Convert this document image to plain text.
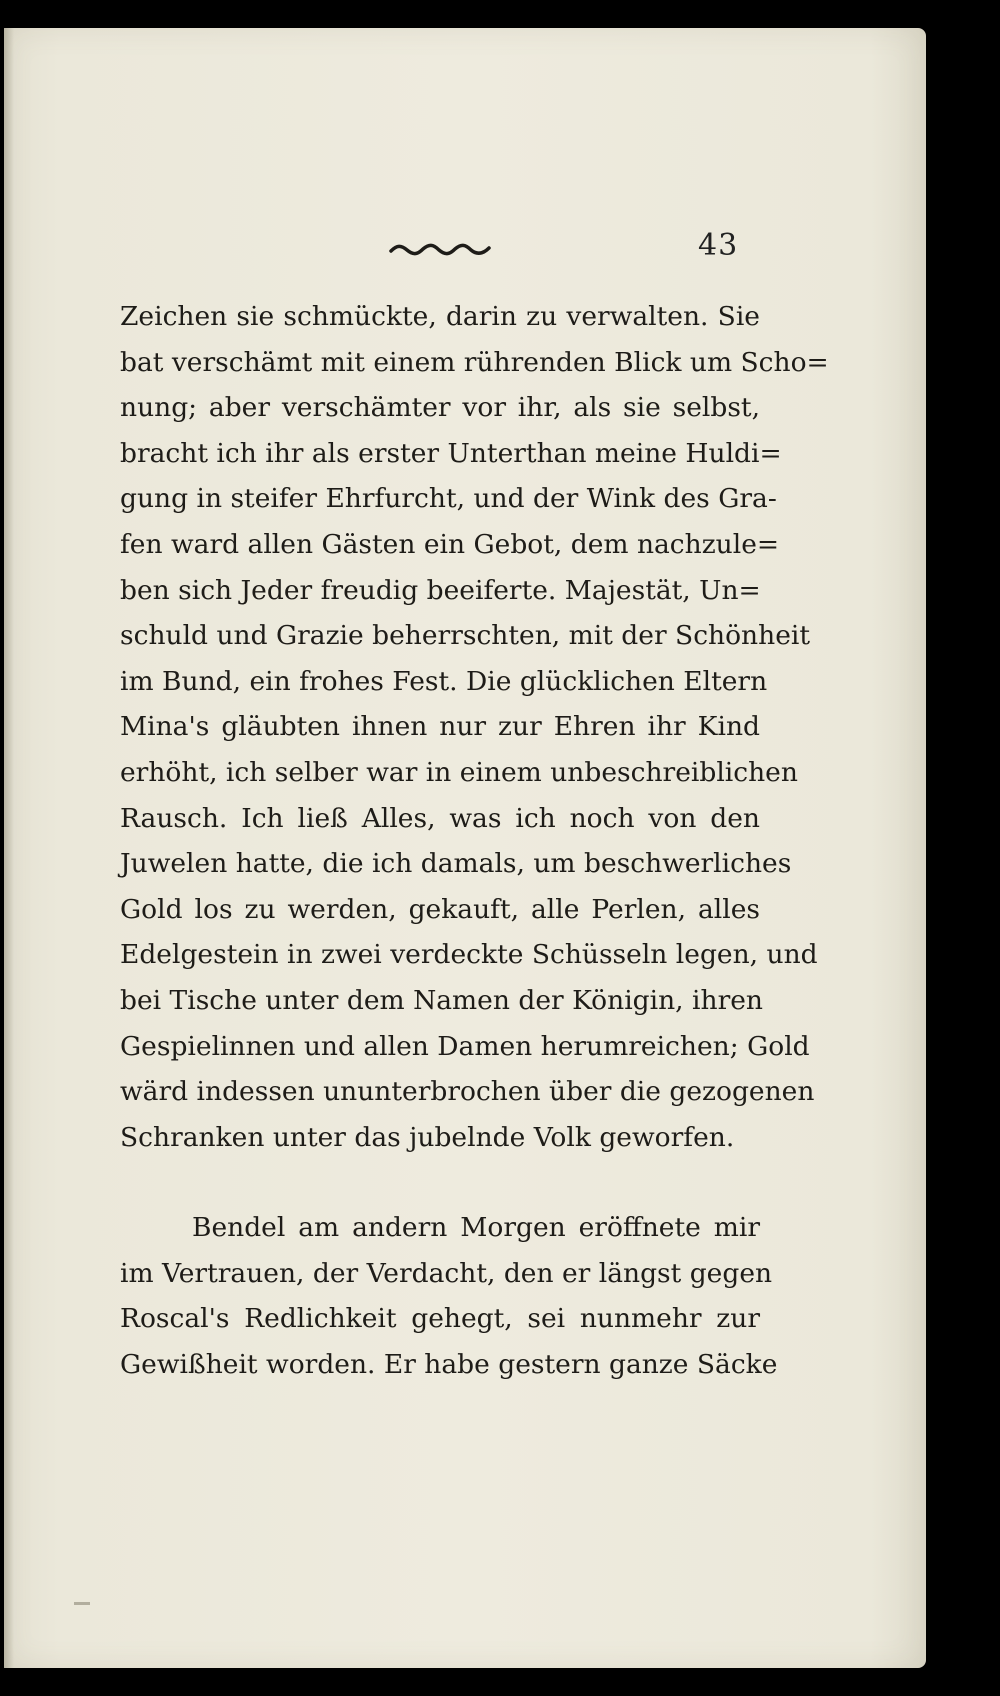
43
Zeichen sie schmückte, darin zu verwalten. Sie
bat verschämt mit einem rührenden Blick um Scho=
nung; aber verschämter vor ihr, als sie selbst,
bracht ich ihr als erster Unterthan meine Huldi=
gung in steifer Ehrfurcht, und der Wink des Gra-
fen ward allen Gästen ein Gebot, dem nachzule=
ben sich Jeder freudig beeiferte. Majestät, Un=
schuld und Grazie beherrschten, mit der Schönheit
im Bund, ein frohes Fest. Die glücklichen Eltern
Mina's gläubten ihnen nur zur Ehren ihr Kind
erhöht, ich selber war in einem unbeschreiblichen
Rausch. Ich ließ Alles, was ich noch von den
Juwelen hatte, die ich damals, um beschwerliches
Gold los zu werden, gekauft, alle Perlen, alles
Edelgestein in zwei verdeckte Schüsseln legen, und
bei Tische unter dem Namen der Königin, ihren
Gespielinnen und allen Damen herumreichen; Gold
wärd indessen ununterbrochen über die gezogenen
Schranken unter das jubelnde Volk geworfen.
Bendel am andern Morgen eröffnete mir
im Vertrauen, der Verdacht, den er längst gegen
Roscal's Redlichkeit gehegt, sei nunmehr zur
Gewißheit worden. Er habe gestern ganze Säcke
